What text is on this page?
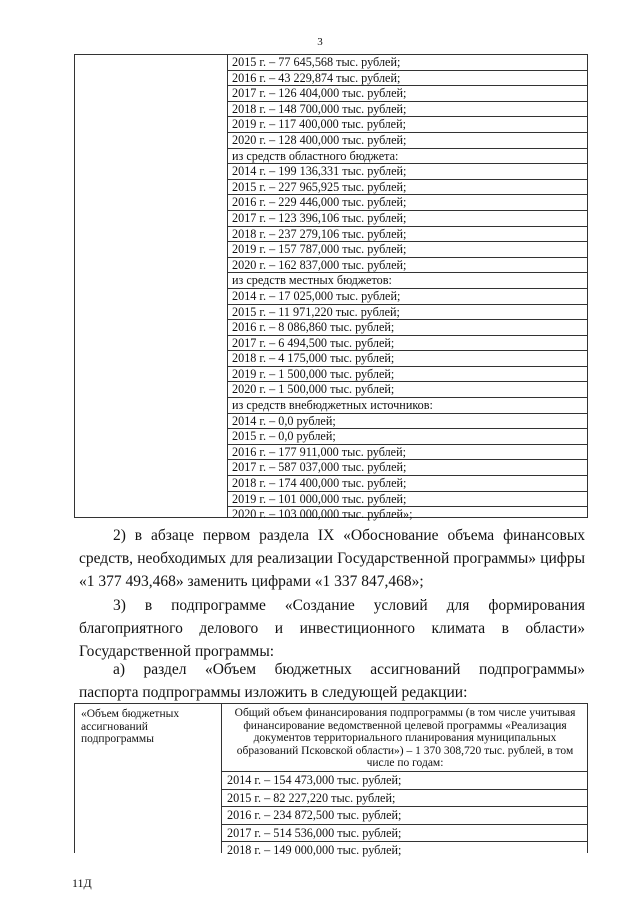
3
2015 г. – 77 645,568 тыс. рублей;
2016 г. – 43 229,874 тыс. рублей;
2017 г. – 126 404,000 тыс. рублей;
2018 г. – 148 700,000 тыс. рублей;
2019 г. – 117 400,000 тыс. рублей;
2020 г. – 128 400,000 тыс. рублей;
из средств областного бюджета:
2014 г. – 199 136,331 тыс. рублей;
2015 г. – 227 965,925 тыс. рублей;
2016 г. – 229 446,000 тыс. рублей;
2017 г. – 123 396,106 тыс. рублей;
2018 г. – 237 279,106 тыс. рублей;
2019 г. – 157 787,000 тыс. рублей;
2020 г. – 162 837,000 тыс. рублей;
из средств местных бюджетов:
2014 г. – 17 025,000 тыс. рублей;
2015 г. – 11 971,220 тыс. рублей;
2016 г. – 8 086,860 тыс. рублей;
2017 г. – 6 494,500 тыс. рублей;
2018 г. – 4 175,000 тыс. рублей;
2019 г. – 1 500,000 тыс. рублей;
2020 г. – 1 500,000 тыс. рублей;
из средств внебюджетных источников:
2014 г. – 0,0 рублей;
2015 г. – 0,0 рублей;
2016 г. – 177 911,000 тыс. рублей;
2017 г. – 587 037,000 тыс. рублей;
2018 г. – 174 400,000 тыс. рублей;
2019 г. – 101 000,000 тыс. рублей;
2020 г. – 103 000,000 тыс. рублей»;

2) в абзаце первом раздела IX «Обоснование объема финансовых
средств, необходимых для реализации Государственной программы» цифры «1 377 493,468» заменить цифрами «1 337 847,468»;

3) в подпрограмме «Создание условий для формирования
благоприятного делового и инвестиционного климата в области» Государственной программы:

а) раздел «Объем бюджетных ассигнований подпрограммы»
паспорта подпрограммы изложить в следующей редакции:

«Объем бюджетных ассигнований подпрограммы
Общий объем финансирования подпрограммы (в том числе учитывая финансирование ведомственной целевой программы «Реализация документов территориального планирования муниципальных образований Псковской области») – 1 370 308,720 тыс. рублей, в том числе по годам:
2014 г. – 154 473,000 тыс. рублей;
2015 г. – 82 227,220 тыс. рублей;
2016 г. – 234 872,500 тыс. рублей;
2017 г. – 514 536,000 тыс. рублей;
2018 г. – 149 000,000 тыс. рублей;
11Д
